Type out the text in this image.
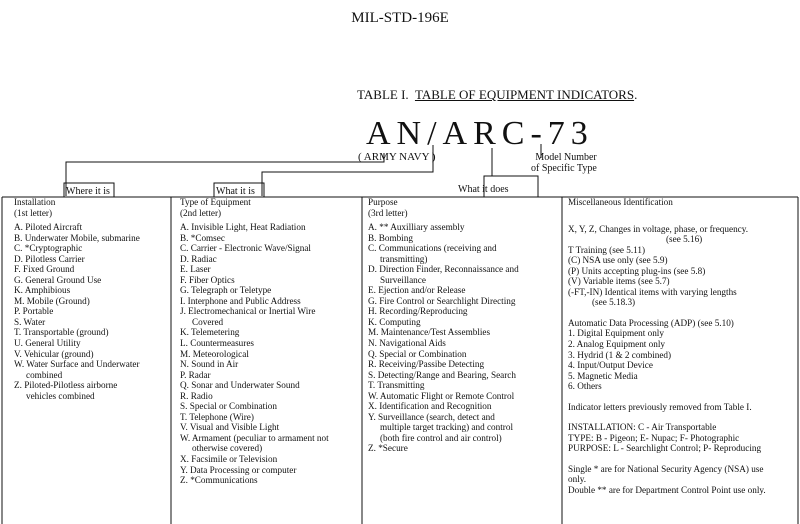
MIL-STD-196E
TABLE I. TABLE OF EQUIPMENT INDICATORS.
AN/ARC-73
( ARMY NAVY )	Model Number
of Specific Type
Where it is	What it is	What it does
Installation
(1st letter)
A. Piloted Aircraft
B. Underwater Mobile, submarine
C. *Cryptographic
D. Pilotless Carrier
F. Fixed Ground
G. General Ground Use
K. Amphibious
M. Mobile (Ground)
P. Portable
S. Water
T. Transportable (ground)
U. General Utility
V. Vehicular (ground)
W. Water Surface and Underwater
combined
Z. Piloted-Pilotless airborne
vehicles combined
Type of Equipment
(2nd letter)
A. Invisible Light, Heat Radiation
B. *Comsec
C. Carrier - Electronic Wave/Signal
D. Radiac
E. Laser
F. Fiber Optics
G. Telegraph or Teletype
I. Interphone and Public Address
J. Electromechanical or Inertial Wire
Covered
K. Telemetering
L. Countermeasures
M. Meteorological
N. Sound in Air
P. Radar
Q. Sonar and Underwater Sound
R. Radio
S. Special or Combination
T. Telephone (Wire)
V. Visual and Visible Light
W. Armament (peculiar to armament not
otherwise covered)
X. Facsimile or Television
Y. Data Processing or computer
Z. *Communications
Purpose
(3rd letter)
A. ** Auxilliary assembly
B. Bombing
C. Communications (receiving and
transmitting)
D. Direction Finder, Reconnaissance and
Surveillance
E. Ejection and/or Release
G. Fire Control or Searchlight Directing
H. Recording/Reproducing
K. Computing
M. Maintenance/Test Assemblies
N. Navigational Aids
Q. Special or Combination
R. Receiving/Passibe Detecting
S. Detecting/Range and Bearing, Search
T. Transmitting
W. Automatic Flight or Remote Control
X. Identification and Recognition
Y. Surveillance (search, detect and
multiple target tracking) and control
(both fire control and air control)
Z. *Secure
Miscellaneous Identification
X, Y, Z, Changes in voltage, phase, or frequency.
(see 5.16)
T Training (see 5.11)
(C) NSA use only (see 5.9)
(P) Units accepting plug-ins (see 5.8)
(V) Variable items (see 5.7)
(-FT,-IN) Identical items with varying lengths
(see 5.18.3)
Automatic Data Processing (ADP) (see 5.10)
1. Digital Equipment only
2. Analog Equipment only
3. Hydrid (1 & 2 combined)
4. Input/Output Device
5. Magnetic Media
6. Others
Indicator letters previously removed from Table I.
INSTALLATION: C - Air Transportable
TYPE: B - Pigeon; E- Nupac; F- Photographic
PURPOSE: L - Searchlight Control; P- Reproducing
Single * are for National Security Agency (NSA) use
only.
Double ** are for Department Control Point use only.
